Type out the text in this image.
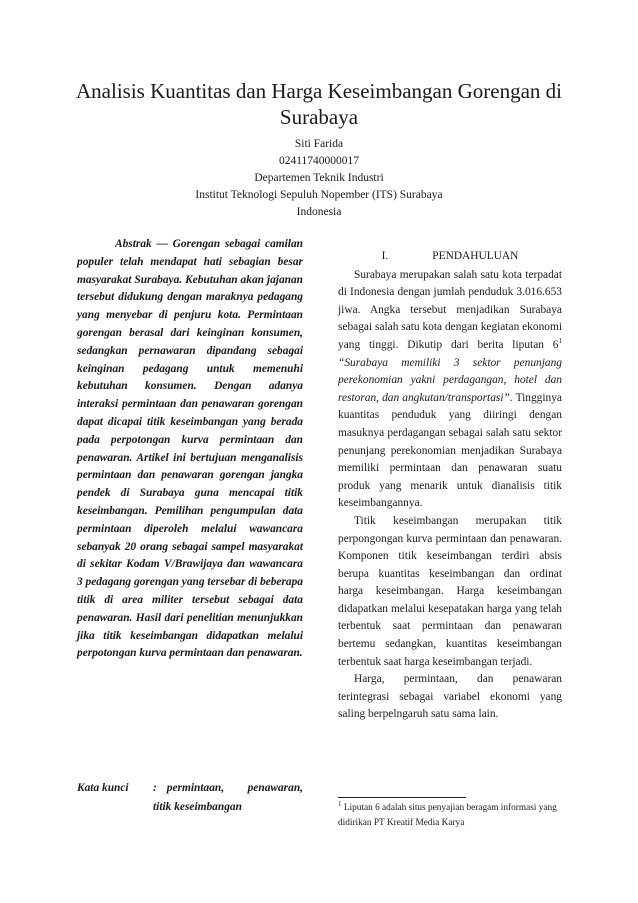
Analisis Kuantitas dan Harga Keseimbangan Gorengan di Surabaya
Siti Farida
02411740000017
Departemen Teknik Industri
Institut Teknologi Sepuluh Nopember (ITS) Surabaya
Indonesia

Abstrak — Gorengan sebagai camilan populer telah mendapat hati sebagian besar masyarakat Surabaya. Kebutuhan akan jajanan tersebut didukung dengan maraknya pedagang yang menyebar di penjuru kota. Permintaan gorengan berasal dari keinginan konsumen, sedangkan pernawaran dipandang sebagai keinginan pedagang untuk memenuhi kebutuhan konsumen. Dengan adanya interaksi permintaan dan penawaran gorengan dapat dicapai titik keseimbangan yang berada pada perpotongan kurva permintaan dan penawaran. Artikel ini bertujuan menganalisis permintaan dan penawaran gorengan jangka pendek di Surabaya guna mencapai titik keseimbangan. Pemilihan pengumpulan data permintaan diperoleh melalui wawancara sebanyak 20 orang sebagai sampel masyarakat di sekitar Kodam V/Brawijaya dan wawancara 3 pedagang gorengan yang tersebar di beberapa titik di area militer tersebut sebagai data penawaran. Hasil dari penelitian menunjukkan jika titik keseimbangan didapatkan melalui perpotongan kurva permintaan dan penawaran.

Kata kunci : permintaan, penawaran, titik keseimbangan
I.	PENDAHULUAN

Surabaya merupakan salah satu kota terpadat di Indonesia dengan jumlah penduduk 3.016.653 jiwa. Angka tersebut menjadikan Surabaya sebagai salah satu kota dengan kegiatan ekonomi yang tinggi. Dikutip dari berita liputan $6^1$ “Surabaya memiliki 3 sektor penunjang perekonomian yakni perdagangan, hotel dan restoran, dan angkutan/transportasi”. Tingginya kuantitas penduduk yang diiringi dengan masuknya perdagangan sebagai salah satu sektor penunjang perekonomian menjadikan Surabaya memiliki permintaan dan penawaran suatu produk yang menarik untuk dianalisis titik keseimbangannya.

Titik keseimbangan merupakan titik perpongongan kurva permintaan dan penawaran. Komponen titik keseimbangan terdiri absis berupa kuantitas keseimbangan dan ordinat harga keseimbangan. Harga keseimbangan didapatkan melalui kesepatakan harga yang telah terbentuk saat permintaan dan penawaran bertemu sedangkan, kuantitas keseimbangan terbentuk saat harga keseimbangan terjadi.

Harga, permintaan, dan penawaran terintegrasi sebagai variabel ekonomi yang saling berpelngaruh satu sama lain.

$^1$ Liputan 6 adalah situs penyajian beragam informasi yang didirikan PT Kreatif Media Karya
